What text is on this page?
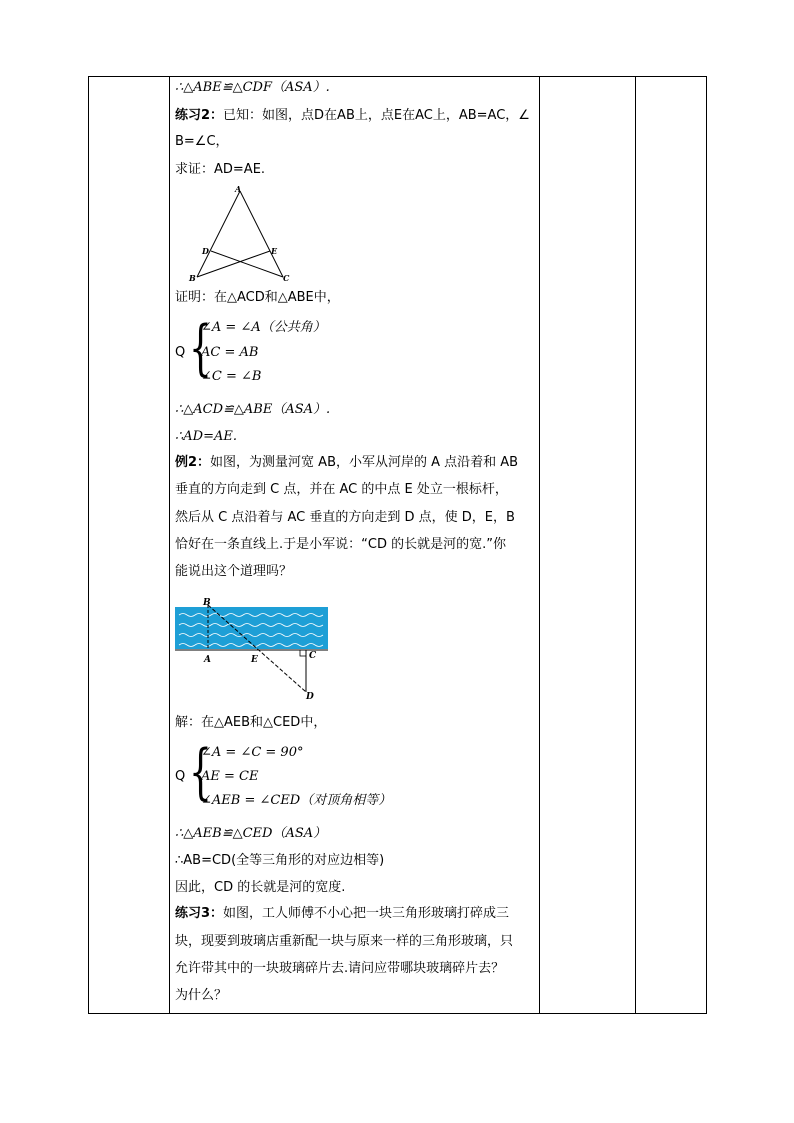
∴△ABE≌△CDF（ASA）.
练习2：已知：如图，点D在AB上，点E在AC上，AB=AC，∠
B=∠C，
求证：AD=AE.
A
D	E
B	C
证明：在△ACD和△ABE中，
Q {
∠A = ∠A（公共角）
AC = AB
∠C = ∠B
∴△ACD≌△ABE（ASA）.
∴AD=AE.
例2：如图，为测量河宽 AB，小军从河岸的 A 点沿着和 AB
垂直的方向走到 C 点，并在 AC 的中点 E 处立一根标杆，
然后从 C 点沿着与 AC 垂直的方向走到 D 点，使 D，E，B
恰好在一条直线上.于是小军说：“CD 的长就是河的宽.”你
能说出这个道理吗？
B
A	E	C
D
解：在△AEB和△CED中，
Q {
∠A = ∠C = 90°
AE = CE
∠AEB = ∠CED（对顶角相等）
∴△AEB≌△CED（ASA）
∴AB=CD(全等三角形的对应边相等)
因此，CD 的长就是河的宽度.
练习3：如图，工人师傅不小心把一块三角形玻璃打碎成三
块，现要到玻璃店重新配一块与原来一样的三角形玻璃，只
允许带其中的一块玻璃碎片去.请问应带哪块玻璃碎片去？
为什么？
